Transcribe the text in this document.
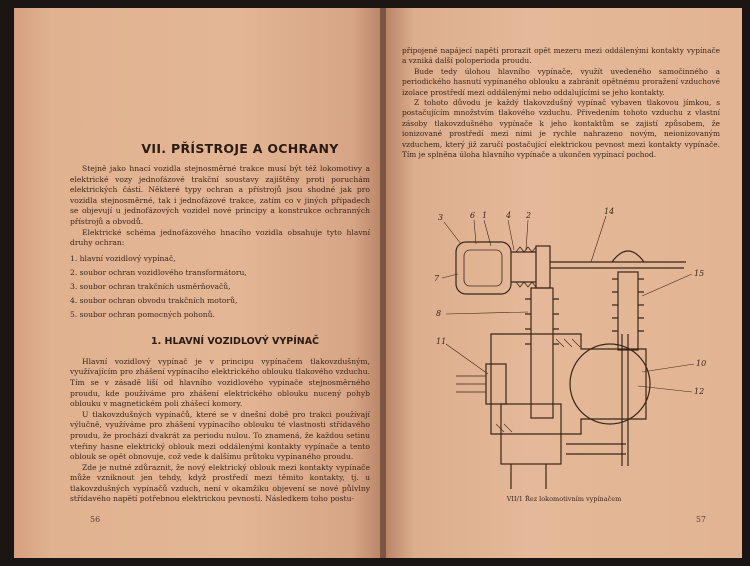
VII. PŘÍSTROJE A OCHRANY

Stejně jako hnací vozidla stejnosměrné trakce musí být též lokomotivy a elektrické vozy jednofázové trakční soustavy zajištěny proti poruchám elektrických částí. Některé typy ochran a přístrojů jsou shodné jak pro vozidla stejnosměrné, tak i jednofázové trakce, zatím co v jiných případech se objevují u jednofázových vozidel nové principy a konstrukce ochranných přístrojů a obvodů.

Elektrické schéma jednofázového hnacího vozidla obsahuje tyto hlavní druhy ochran:

1. hlavní vozidlový vypínač,
2. soubor ochran vozidlového transformátoru,
3. soubor ochran trakčních usměrňovačů,
4. soubor ochran obvodu trakčních motorů,
5. soubor ochran pomocných pohonů.
1. HLAVNÍ VOZIDLOVÝ VYPÍNAČ

Hlavní vozidlový vypínač je v principu vypínačem tlakovzdušným, využívajícím pro zhášení vypínacího elektrického oblouku tlakového vzduchu. Tím se v zásadě liší od hlavního vozidlového vypínače stejnosměrného proudu, kde používáme pro zhášení elektrického oblouku nucený pohyb oblouku v magnetickém poli zhášecí komory.

U tlakovzdušných vypínačů, které se v dnešní době pro trakci používají výlučně, využíváme pro zhášení vypínacího oblouku té vlastnosti střídavého proudu, že prochází dvakrát za periodu nulou. To znamená, že každou setinu vteřiny hasne elektrický oblouk mezi oddálenými kontakty vypínače a tento oblouk se opět obnovuje, což vede k dalšímu průtoku vypínaného proudu.

Zde je nutné zdůraznit, že nový elektrický oblouk mezi kontakty vypínače může vzniknout jen tehdy, když prostředí mezi těmito kontakty, tj. u tlakovzdušných vypínačů vzduch, není v okamžiku objevení se nové půlvlny střídavého napětí potřebnou elektrickou pevností. Následkem toho postu-

56

připojené napájecí napětí prorazit opět mezeru mezi oddálenými kontakty vypínače a vzniká další poloperioda proudu.

Bude tedy úlohou hlavního vypínače, využít uvedeného samočinného a periodického hasnutí vypínaného oblouku a zabránit opětnému proražení vzduchové izolace prostředí mezi oddálenými nebo oddalujícími se jeho kontakty.

Z tohoto důvodu je každý tlakovzdušný vypínač vybaven tlakovou jímkou, s postačujícím množstvím tlakového vzduchu. Přivedením tohoto vzduchu z vlastní zásoby tlakovzdušného vypínače k jeho kontaktům se zajistí způsobem, že ionizované prostředí mezi nimi je rychle nahrazeno novým, neionizovaným vzduchem, který již zaručí postačující elektrickou pevnost mezi kontakty vypínače. Tím je splněna úloha hlavního vypínače a ukončen vypínací pochod.

3	6 1 4 2	14
7
15
8
11
10
12
VII/1 Řez lokomotivním vypínačem
57
